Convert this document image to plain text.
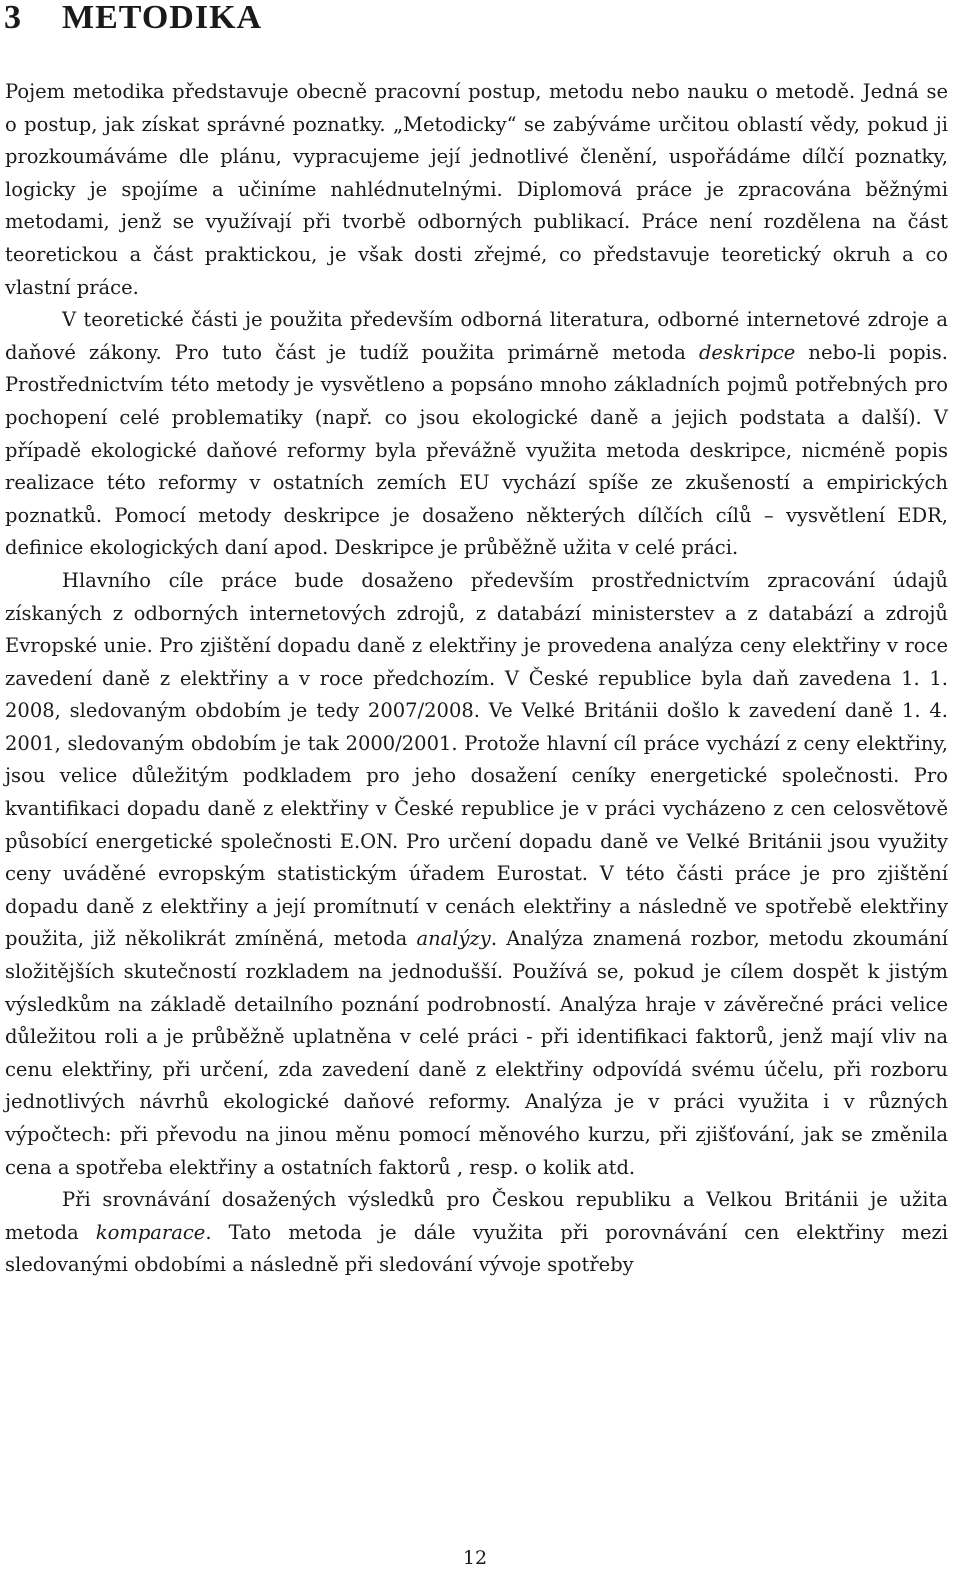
3 METODIKA

Pojem metodika představuje obecně pracovní postup, metodu nebo nauku o metodě. Jedná se o postup, jak získat správné poznatky. „Metodicky“ se zabýváme určitou oblastí vědy, pokud ji prozkoumáváme dle plánu, vypracujeme její jednotlivé členění, uspořádáme dílčí poznatky, logicky je spojíme a učiníme nahlédnutelnými. Diplomová práce je zpracována běžnými metodami, jenž se využívají při tvorbě odborných publikací. Práce není rozdělena na část teoretickou a část praktickou, je však dosti zřejmé, co představuje teoretický okruh a co vlastní práce.

V teoretické části je použita především odborná literatura, odborné internetové zdroje a daňové zákony. Pro tuto část je tudíž použita primárně metoda deskripce nebo-li popis. Prostřednictvím této metody je vysvětleno a popsáno mnoho základních pojmů potřebných pro pochopení celé problematiky (např. co jsou ekologické daně a jejich podstata a další). V případě ekologické daňové reformy byla převážně využita metoda deskripce, nicméně popis realizace této reformy v ostatních zemích EU vychází spíše ze zkušeností a empirických poznatků. Pomocí metody deskripce je dosaženo některých dílčích cílů – vysvětlení EDR, definice ekologických daní apod. Deskripce je průběžně užita v celé práci.

Hlavního cíle práce bude dosaženo především prostřednictvím zpracování údajů získaných z odborných internetových zdrojů, z databází ministerstev a z databází a zdrojů Evropské unie. Pro zjištění dopadu daně z elektřiny je provedena analýza ceny elektřiny v roce zavedení daně z elektřiny a v roce předchozím. V České republice byla daň zavedena 1. 1. 2008, sledovaným obdobím je tedy 2007/2008. Ve Velké Británii došlo k zavedení daně 1. 4. 2001, sledovaným obdobím je tak 2000/2001. Protože hlavní cíl práce vychází z ceny elektřiny, jsou velice důležitým podkladem pro jeho dosažení ceníky energetické společnosti. Pro kvantifikaci dopadu daně z elektřiny v České republice je v práci vycházeno z cen celosvětově působící energetické společnosti E.ON. Pro určení dopadu daně ve Velké Británii jsou využity ceny uváděné evropským statistickým úřadem Eurostat. V této části práce je pro zjištění dopadu daně z elektřiny a její promítnutí v cenách elektřiny a následně ve spotřebě elektřiny použita, již několikrát zmíněná, metoda analýzy. Analýza znamená rozbor, metodu zkoumání složitějších skutečností rozkladem na jednodušší. Používá se, pokud je cílem dospět k jistým výsledkům na základě detailního poznání podrobností. Analýza hraje v závěrečné práci velice důležitou roli a je průběžně uplatněna v celé práci - při identifikaci faktorů, jenž mají vliv na cenu elektřiny, při určení, zda zavedení daně z elektřiny odpovídá svému účelu, při rozboru jednotlivých návrhů ekologické daňové reformy. Analýza je v práci využita i v různých výpočtech: při převodu na jinou měnu pomocí měnového kurzu, při zjišťování, jak se změnila cena a spotřeba elektřiny a ostatních faktorů , resp. o kolik atd.

Při srovnávání dosažených výsledků pro Českou republiku a Velkou Británii je užita metoda komparace. Tato metoda je dále využita při porovnávání cen elektřiny mezi sledovanými obdobími a následně při sledování vývoje spotřeby

12
